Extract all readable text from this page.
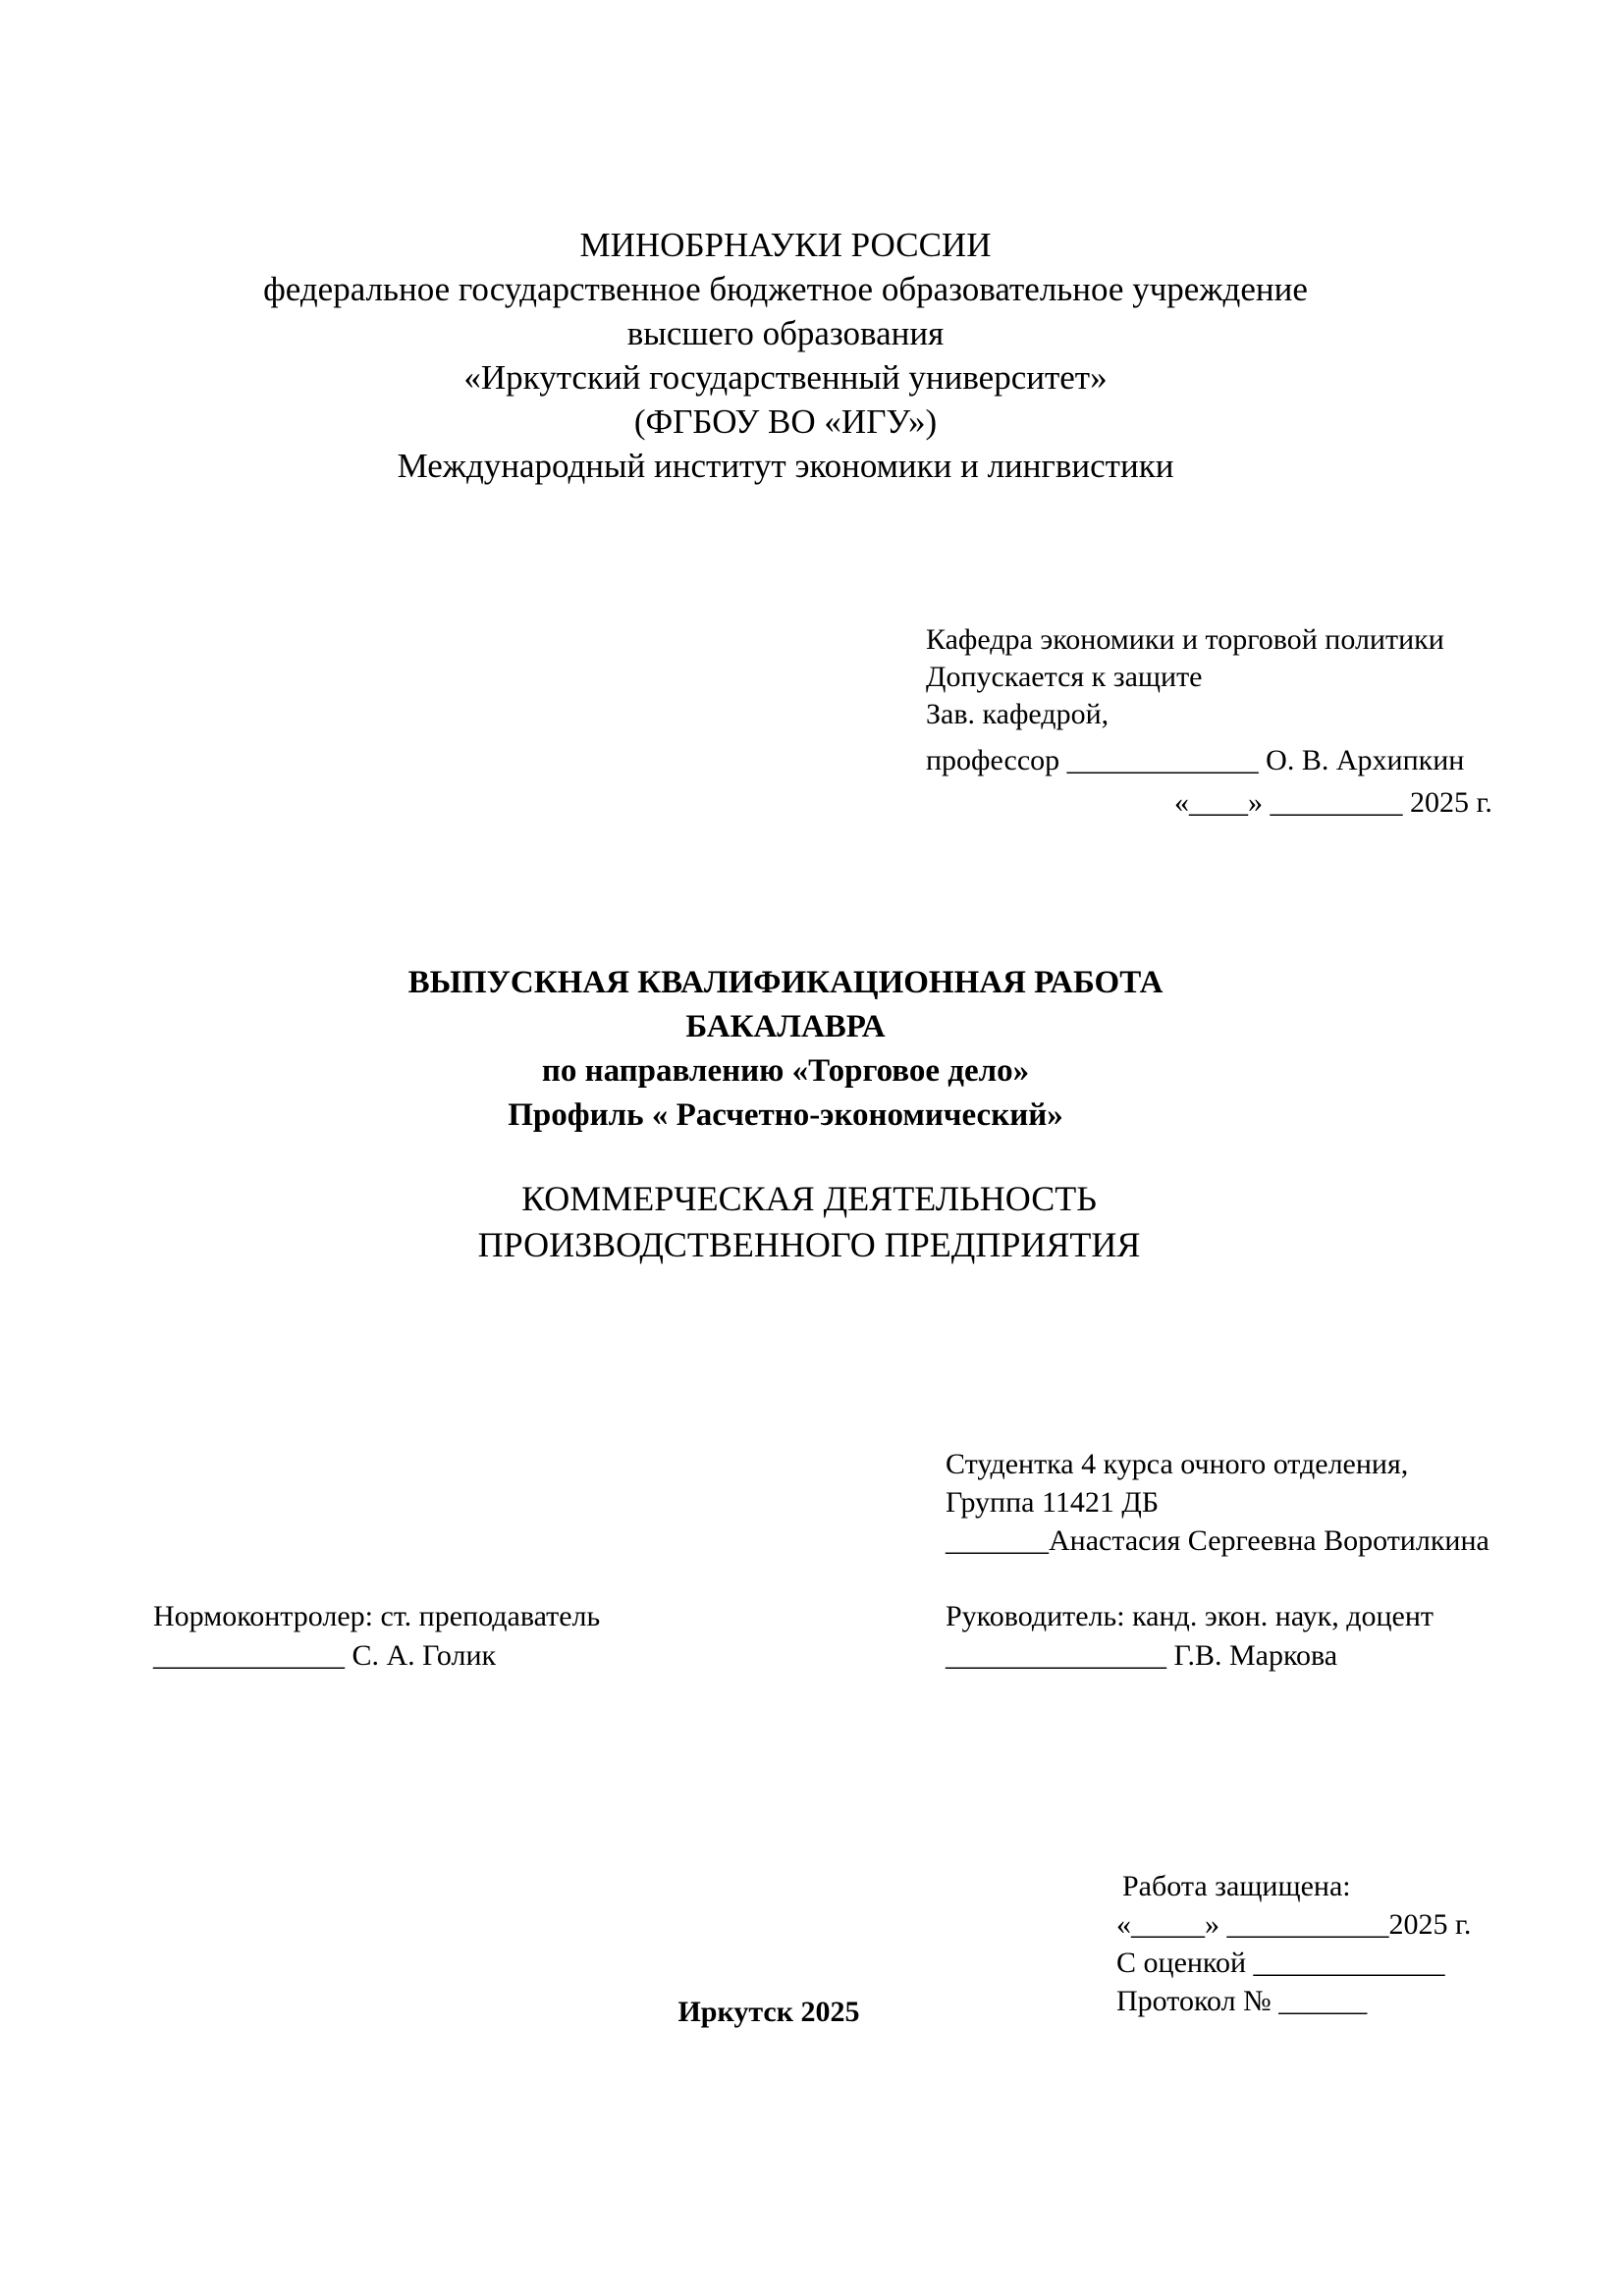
МИНОБРНАУКИ РОССИИ
федеральное государственное бюджетное образовательное учреждение
высшего образования
«Иркутский государственный университет»
(ФГБОУ ВО «ИГУ»)
Международный институт экономики и лингвистики
Кафедра экономики и торговой политики
Допускается к защите
Зав. кафедрой,
профессор _____________ О. В. Архипкин
«____» _________ 2025 г.
ВЫПУСКНАЯ КВАЛИФИКАЦИОННАЯ РАБОТА
БАКАЛАВРА
по направлению «Торговое дело»
Профиль « Расчетно-экономический»
КОММЕРЧЕСКАЯ ДЕЯТЕЛЬНОСТЬ
ПРОИЗВОДСТВЕННОГО ПРЕДПРИЯТИЯ
Студентка 4 курса очного отделения,
Группа 11421 ДБ
_______Анастасия Сергеевна Воротилкина
Нормоконтролер: ст. преподаватель
_____________ С. А. Голик
Руководитель: канд. экон. наук, доцент
_______________ Г.В. Маркова
Работа защищена:
«_____» ___________2025 г.
С оценкой _____________
Протокол № ______
Иркутск 2025
